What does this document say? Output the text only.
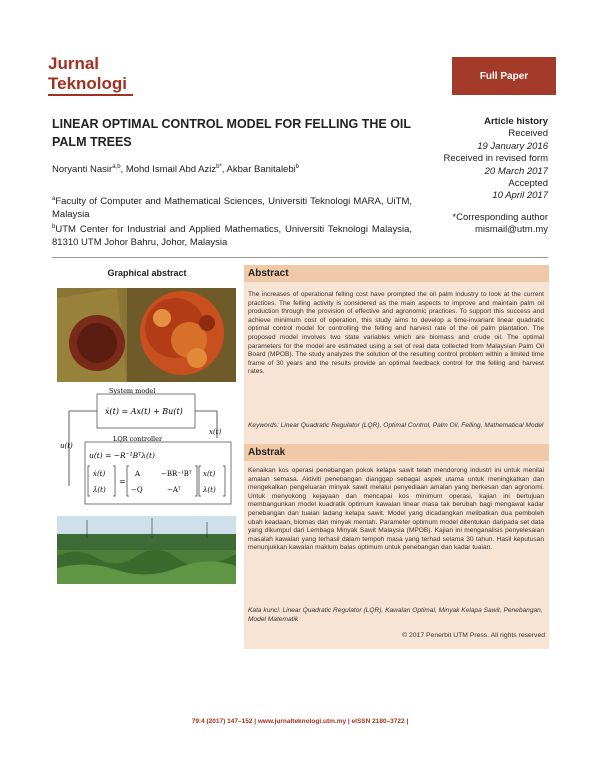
Jurnal
Teknologi	Full Paper
LINEAR OPTIMAL CONTROL MODEL FOR FELLING THE OIL PALM TREES
Noryanti Nasir$^{a,b}$, Mohd Ismail Abd Aziz$^{b*}$, Akbar Banitalebi$^b$
$^a$Faculty of Computer and Mathematical Sciences, Universiti Teknologi MARA, UiTM, Malaysia
$^b$UTM Center for Industrial and Applied Mathematics, Universiti Teknologi Malaysia, 81310 UTM Johor Bahru, Johor, Malaysia
Article history
Received
19 January 2016
Received in revised form
20 March 2017
Accepted
10 April 2017
*Corresponding author
mismail@utm.my
Graphical abstract
System model
ẋ(t) = Ax(t) + Bu(t)
u(t)
x(t)
LQR controller
u(t) = −R⁻¹Bᵀλ(t)
ẋ(t)
λ̇(t)
=
A	−BR⁻¹Bᵀ
−Q	−Aᵀ
x(t)
λ(t)
Abstract
The increases of operational felling cost have prompted the oil palm industry to look at the current practices. The felling activity is considered as the main aspects to improve and maintain palm oil production through the provision of effective and agronomic practices. To support this success and achieve minimum cost of operation, this study aims to develop a time-invariant linear quadratic optimal control model for controlling the felling and harvest rate of the oil palm plantation. The proposed model involves two state variables which are biomass and crude oil. The optimal parameters for the model are estimated using a set of real data collected from Malaysian Palm Oil Board (MPOB). The study analyzes the solution of the resulting control problem within a limited time frame of 30 years and the results provide an optimal feedback control for the felling and harvest rates.
Keywords: Linear Quadratic Regulator (LQR), Optimal Control, Palm Oil, Felling, Mathematical Model
Abstrak
Kenaikan kos operasi penebangan pokok kelapa sawit telah mendorong industri ini untuk menilai amalan semasa. Aktiviti penebangan dianggap sebagai aspek utama untuk meningkatkan dan mengekalkan pengeluaran minyak sawit melalui penyediaan amalan yang berkesan dan agronomi. Untuk menyokong kejayaan dan mencapai kos minimum operasi, kajian ini bertujuan membangunkan model kuadratik optimum kawalan linear masa tak berubah bagi mengawal kadar penebangan dan tuaian ladang kelapa sawit. Model yang dicadangkan melibatkan dua pemboleh ubah keadaan, biomas dan minyak mentah. Parameter optimum model ditentukan daripada set data yang dikumpul dari Lembaga Minyak Sawit Malaysia (MPOB). Kajian ini menganalisis penyelesaian masalah kawalan yang terhasil dalam tempoh masa yang terhad selama 30 tahun. Hasil keputusan menunjukkan kawalan maklum balas optimum untuk penebangan dan kadar tuaian.
Kata kunci: Linear Quadratic Regulator (LQR), Kawalan Optimal, Minyak Kelapa Sawit, Penebangan, Model Matematik
© 2017 Penerbit UTM Press. All rights reserved
79:4 (2017) 147–152 | www.jurnalteknologi.utm.my | eISSN 2180–3722 |
